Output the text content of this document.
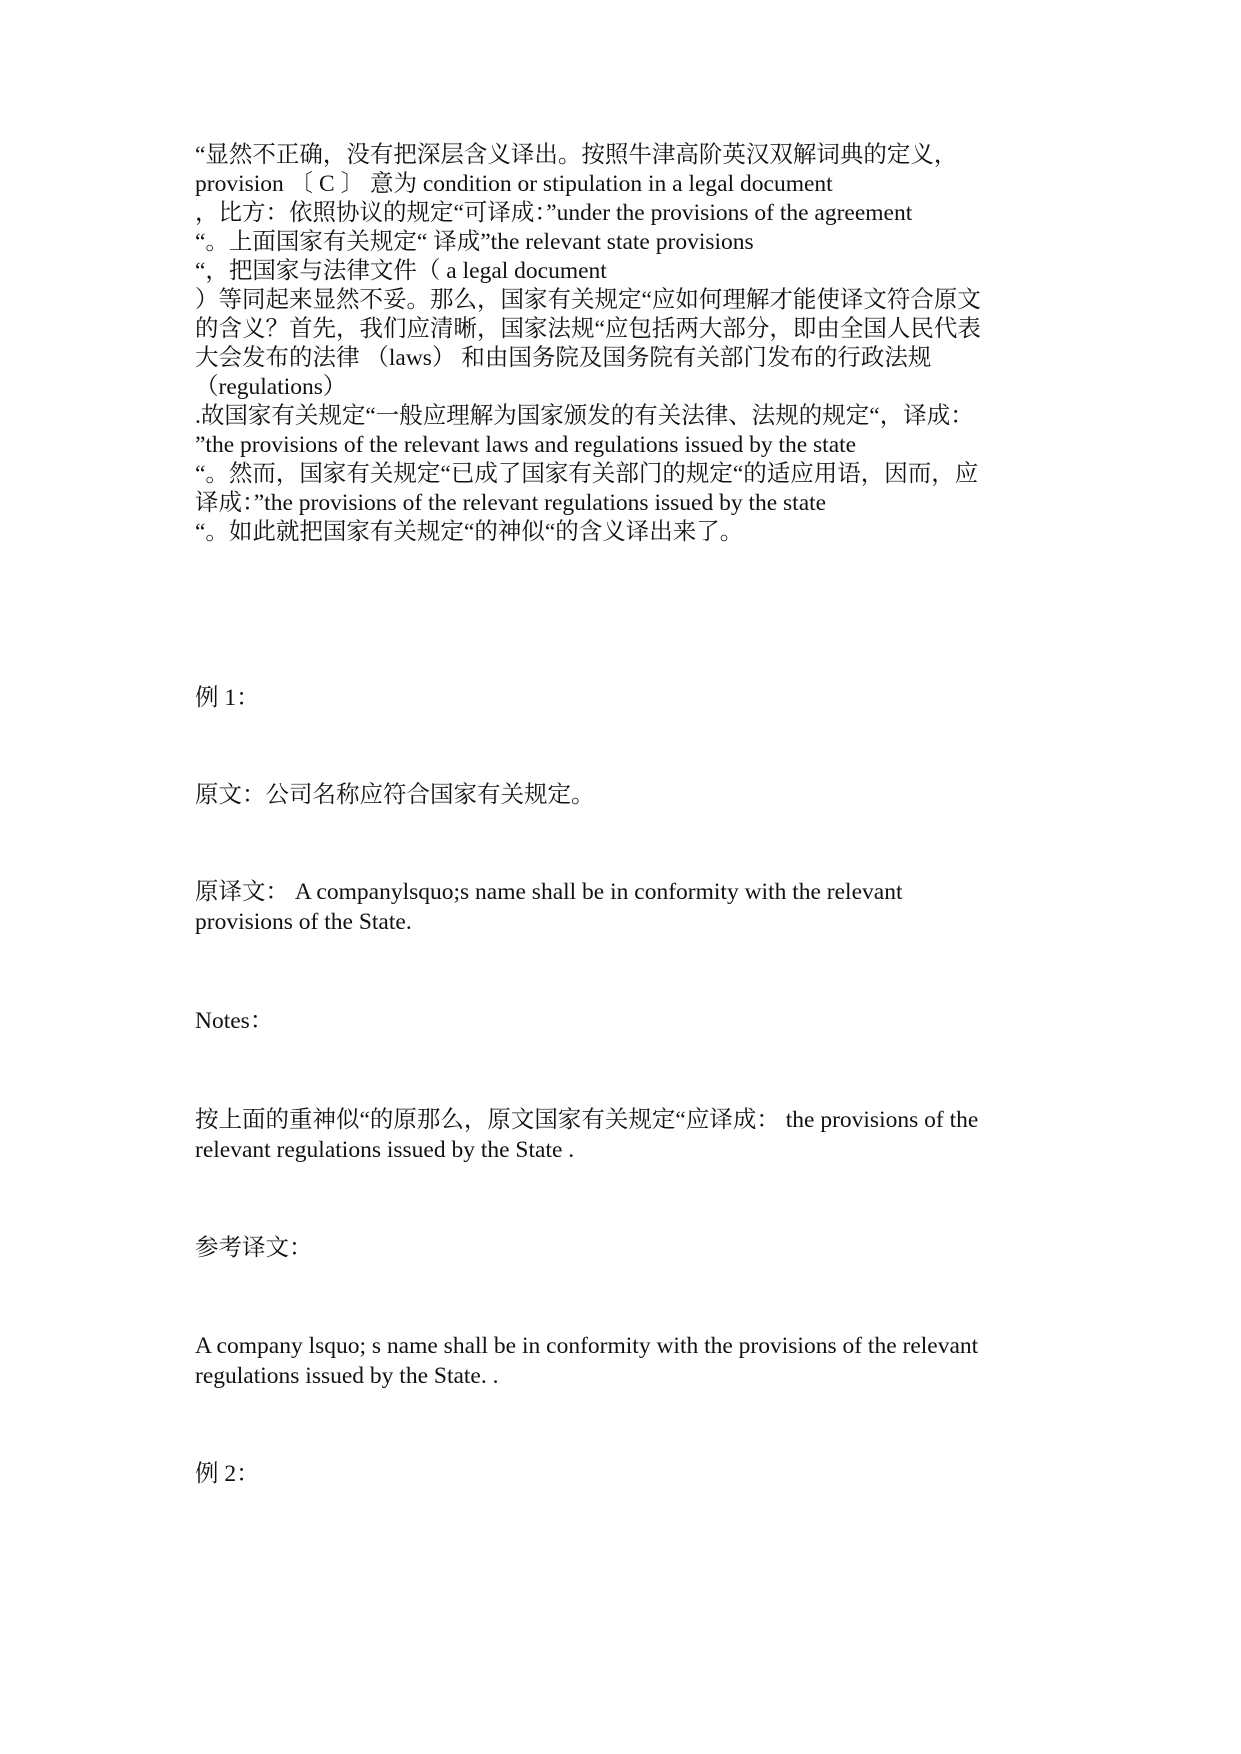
“显然不正确，没有把深层含义译出。按照牛津高阶英汉双解词典的定义，
provision 〔 C 〕 意为 condition or stipulation in a legal document
，比方：依照协议的规定“可译成：”under the provisions of the agreement
“。上面国家有关规定“ 译成”the relevant state provisions
“，把国家与法律文件（ a legal document
）等同起来显然不妥。那么，国家有关规定“应如何理解才能使译文符合原文
的含义？首先，我们应清晰，国家法规“应包括两大部分，即由全国人民代表
大会发布的法律 （laws） 和由国务院及国务院有关部门发布的行政法规
（regulations）
.故国家有关规定“一般应理解为国家颁发的有关法律、法规的规定“，译成：
”the provisions of the relevant laws and regulations issued by the state
“。然而，国家有关规定“已成了国家有关部门的规定“的适应用语，因而，应
译成：”the provisions of the relevant regulations issued by the state
“。如此就把国家有关规定“的神似“的含义译出来了。
例 1：
原文：公司名称应符合国家有关规定。
原译文： A companylsquo;s name shall be in conformity with the relevant
provisions of the State.
Notes：
按上面的重神似“的原那么，原文国家有关规定“应译成： the provisions of the
relevant regulations issued by the State .
参考译文：
A company lsquo; s name shall be in conformity with the provisions of the relevant
regulations issued by the State. .
例 2：
